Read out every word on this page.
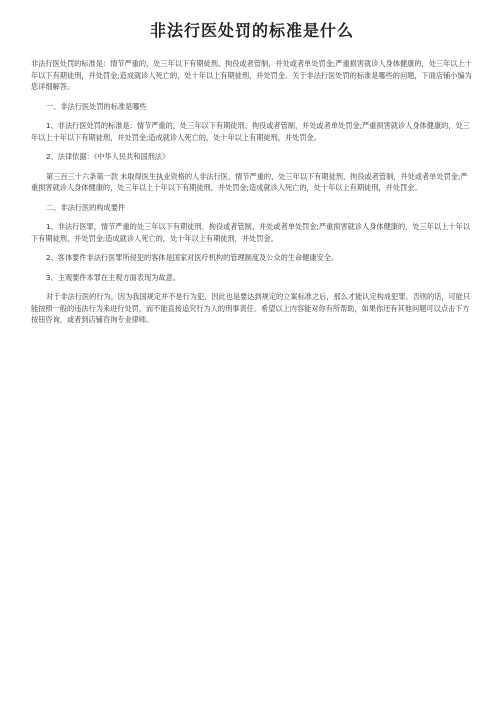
非法行医处罚的标准是什么

非法行医处罚的标准是：情节严重的，处三年以下有期徒刑、拘役或者管制，并处或者单处罚金;严重损害就诊人身体健康的，处三年以上十年以下有期徒刑，并处罚金;造成就诊人死亡的，处十年以上有期徒刑，并处罚金。关于非法行医处罚的标准是哪些的问题，下面店铺小编为您详细解答。

一、非法行医处罚的标准是哪些

1、非法行医处罚的标准是：情节严重的，处三年以下有期徒刑、拘役或者管制，并处或者单处罚金;严重损害就诊人身体健康的，处三年以上十年以下有期徒刑，并处罚金;造成就诊人死亡的，处十年以上有期徒刑，并处罚金。

2、法律依据：《中华人民共和国刑法》

第三百三十六条第一款 未取得医生执业资格的人非法行医，情节严重的，处三年以下有期徒刑、拘役或者管制，并处或者单处罚金;严重损害就诊人身体健康的，处三年以上十年以下有期徒刑，并处罚金;造成就诊人死亡的，处十年以上有期徒刑，并处罚金。

二、非法行医的构成要件

1、非法行医罪，情节严重的处三年以下有期徒刑、拘役或者管制，并处或者单处罚金;严重损害就诊人身体健康的，处三年以上十年以下有期徒刑，并处罚金;造成就诊人死亡的，处十年以上有期徒刑，并处罚金。

2、客体要件非法行医罪所侵犯的客体是国家对医疗机构的管理制度及公众的生命健康安全。

3、主观要件本罪在主观方面表现为故意。

对于非法行医的行为，因为我国规定并不是行为犯，因此也是要达到规定的立案标准之后，那么才能认定构成犯罪。否则的话，可能只能按照一般的违法行为来进行处罚，而不能直接追究行为人的刑事责任。希望以上内容能对你有所帮助，如果你还有其他问题可以点击下方按钮咨询，或者到店铺咨询专业律师。
